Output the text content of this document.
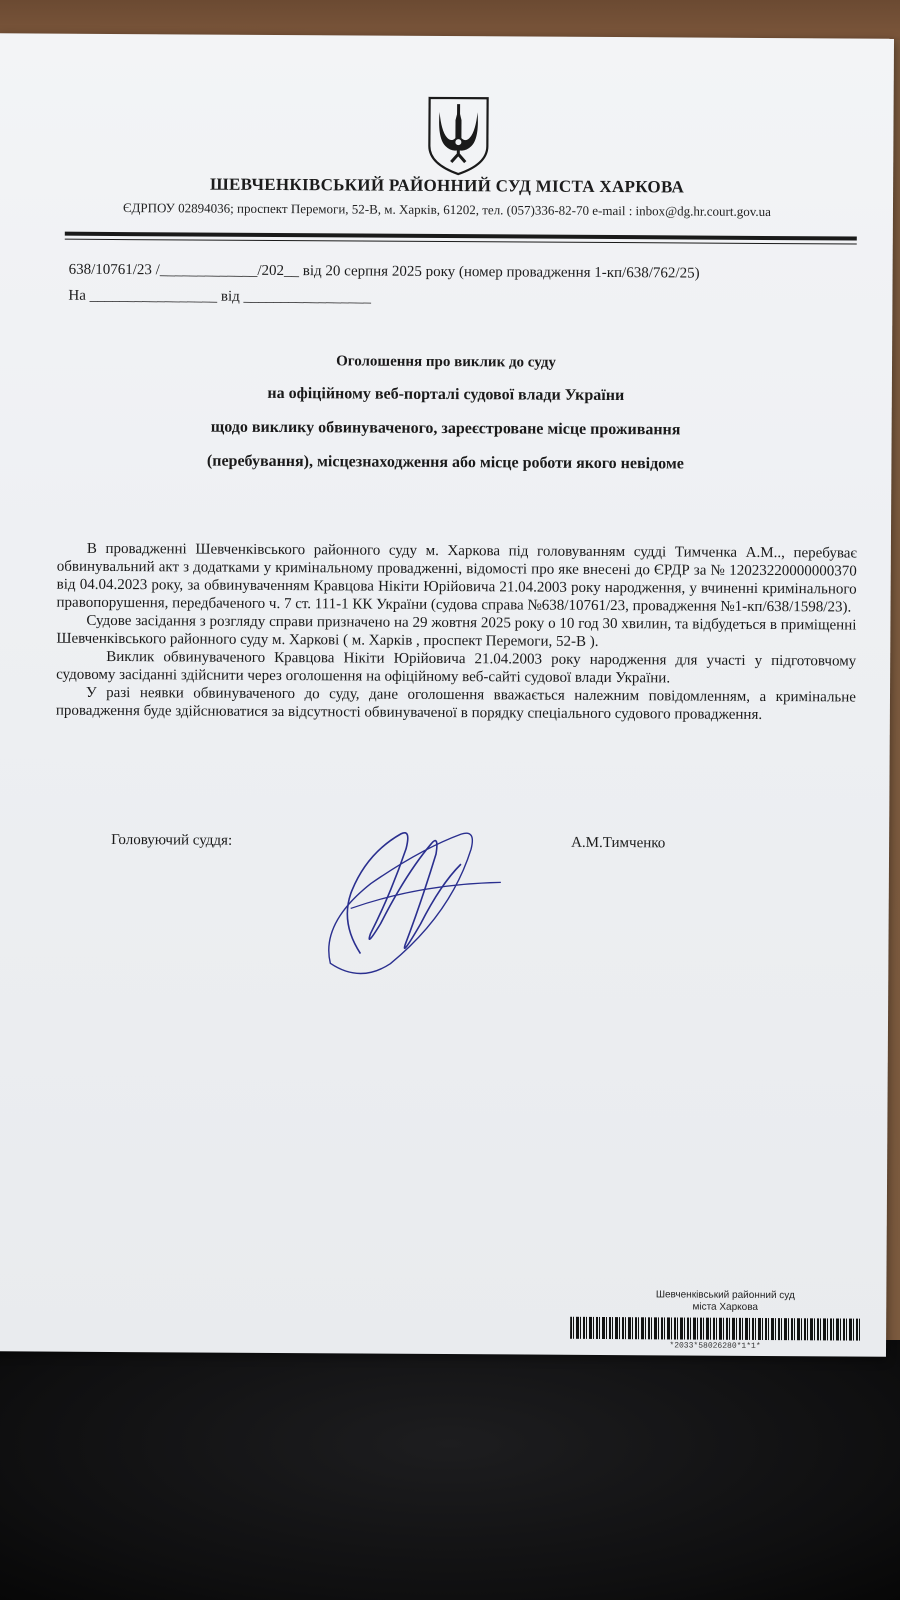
ШЕВЧЕНКІВСЬКИЙ РАЙОННИЙ СУД МІСТА ХАРКОВА
ЄДРПОУ 02894036; проспект Перемоги, 52-В, м. Харків, 61202, тел. (057)336-82-70 e-mail : inbox@dg.hr.court.gov.ua
638/10761/23 /_____________/202__ від 20 серпня 2025 року (номер провадження 1-кп/638/762/25)
На _________________ від _________________
Оголошення про виклик до суду
на офіційному веб-порталі судової влади України
щодо виклику обвинуваченого, зареєстроване місце проживання
(перебування), місцезнаходження або місце роботи якого невідоме

В провадженні Шевченківського районного суду м. Харкова під головуванням судді Тимченка А.М.., перебуває обвинувальний акт з додатками у кримінальному провадженні, відомості про яке внесені до ЄРДР за № 12023220000000370 від 04.04.2023 року, за обвинуваченням Кравцова Нікіти Юрійовича 21.04.2003 року народження, у вчиненні кримінального правопорушення, передбаченого ч. 7 ст. 111-1 КК України (судова справа №638/10761/23, провадження №1-кп/638/1598/23).

Судове засідання з розгляду справи призначено на 29 жовтня 2025 року о 10 год 30 хвилин, та відбудеться в приміщенні Шевченківського районного суду м. Харкові ( м. Харків , проспект Перемоги, 52-В ).

Виклик обвинуваченого Кравцова Нікіти Юрійовича 21.04.2003 року народження для участі у підготовчому судовому засіданні здійснити через оголошення на офіційному веб-сайті судової влади України.

У разі неявки обвинуваченого до суду, дане оголошення вважається належним повідомленням, а кримінальне провадження буде здійснюватися за відсутності обвинуваченої в порядку спеціального судового провадження.

Головуючий суддя:	А.М.Тимченко
Шевченківський районний суд
міста Харкова
*2033*58026280*1*1*
